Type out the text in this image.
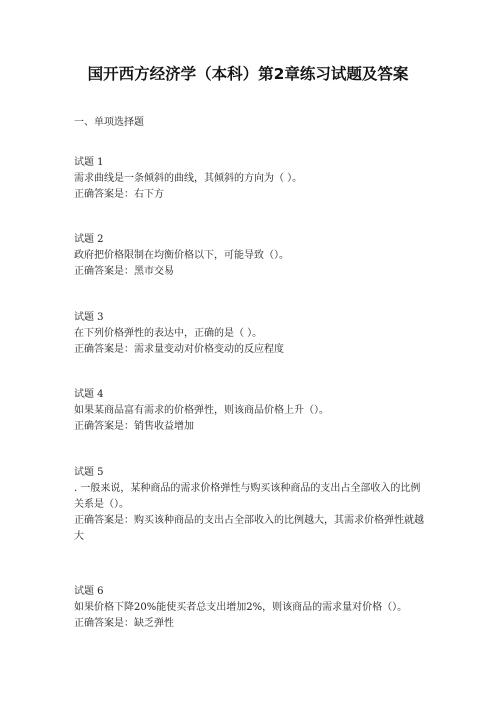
国开西方经济学（本科）第2章练习试题及答案
一、单项选择题
试题 1
需求曲线是一条倾斜的曲线，其倾斜的方向为（ ）。
正确答案是：右下方
试题 2
政府把价格限制在均衡价格以下，可能导致（）。
正确答案是：黑市交易
试题 3
在下列价格弹性的表达中，正确的是（ ）。
正确答案是：需求量变动对价格变动的反应程度
试题 4
如果某商品富有需求的价格弹性，则该商品价格上升（）。
正确答案是：销售收益增加
试题 5
. 一般来说，某种商品的需求价格弹性与购买该种商品的支出占全部收入的比例关系是（）。
正确答案是：购买该种商品的支出占全部收入的比例越大，其需求价格弹性就越大
试题 6
如果价格下降20%能使买者总支出增加2%，则该商品的需求量对价格（）。
正确答案是：缺乏弹性
